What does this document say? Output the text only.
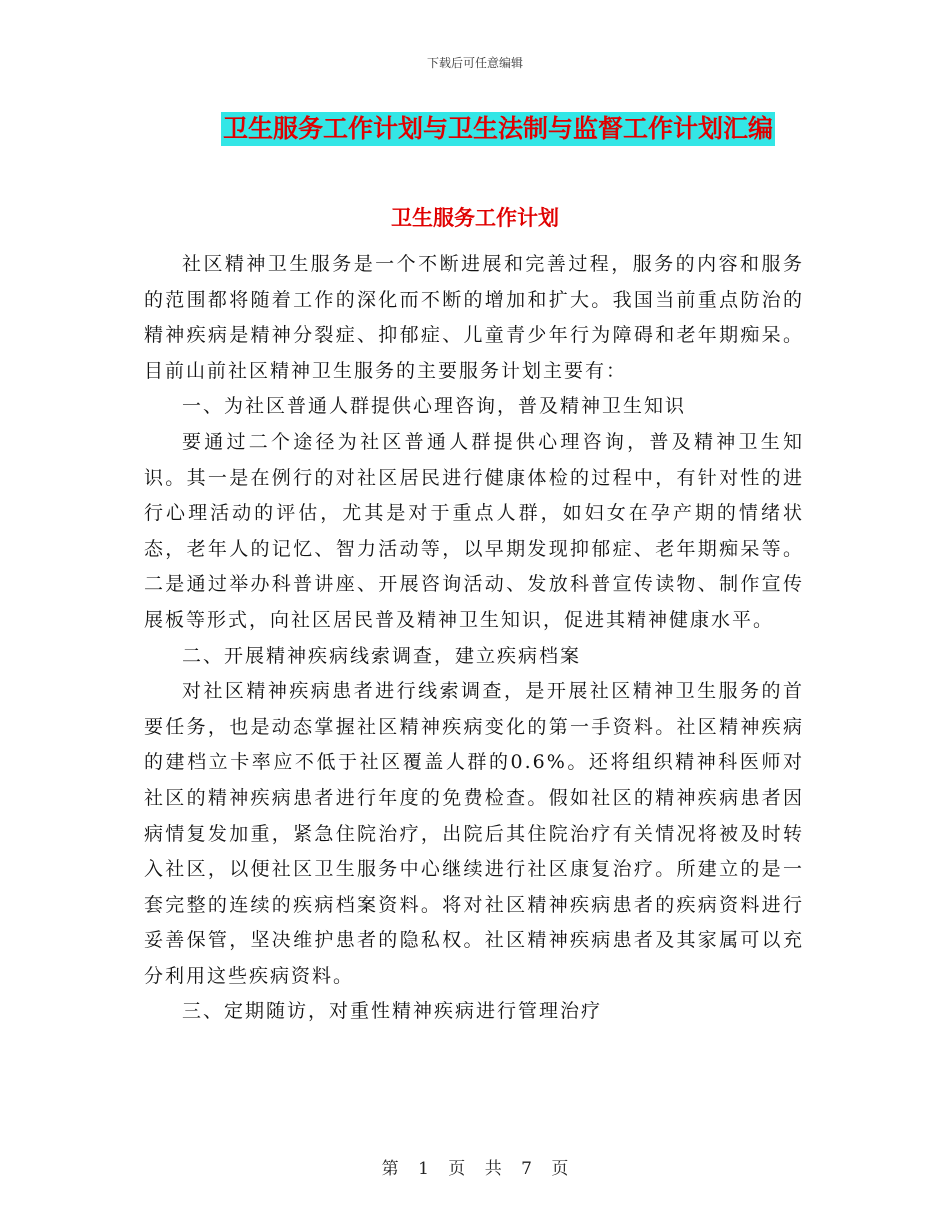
下载后可任意编辑
卫生服务工作计划与卫生法制与监督工作计划汇编
卫生服务工作计划

社区精神卫生服务是一个不断进展和完善过程，服务的内容和服务的范围都将随着工作的深化而不断的增加和扩大。我国当前重点防治的精神疾病是精神分裂症、抑郁症、儿童青少年行为障碍和老年期痴呆。目前山前社区精神卫生服务的主要服务计划主要有：

一、为社区普通人群提供心理咨询，普及精神卫生知识

要通过二个途径为社区普通人群提供心理咨询，普及精神卫生知识。其一是在例行的对社区居民进行健康体检的过程中，有针对性的进行心理活动的评估，尤其是对于重点人群，如妇女在孕产期的情绪状态，老年人的记忆、智力活动等，以早期发现抑郁症、老年期痴呆等。二是通过举办科普讲座、开展咨询活动、发放科普宣传读物、制作宣传展板等形式，向社区居民普及精神卫生知识，促进其精神健康水平。

二、开展精神疾病线索调查，建立疾病档案

对社区精神疾病患者进行线索调查，是开展社区精神卫生服务的首要任务，也是动态掌握社区精神疾病变化的第一手资料。社区精神疾病的建档立卡率应不低于社区覆盖人群的0.6%。还将组织精神科医师对社区的精神疾病患者进行年度的免费检查。假如社区的精神疾病患者因病情复发加重，紧急住院治疗，出院后其住院治疗有关情况将被及时转入社区，以便社区卫生服务中心继续进行社区康复治疗。所建立的是一套完整的连续的疾病档案资料。将对社区精神疾病患者的疾病资料进行妥善保管，坚决维护患者的隐私权。社区精神疾病患者及其家属可以充分利用这些疾病资料。

三、定期随访，对重性精神疾病进行管理治疗

第 1 页 共 7 页
